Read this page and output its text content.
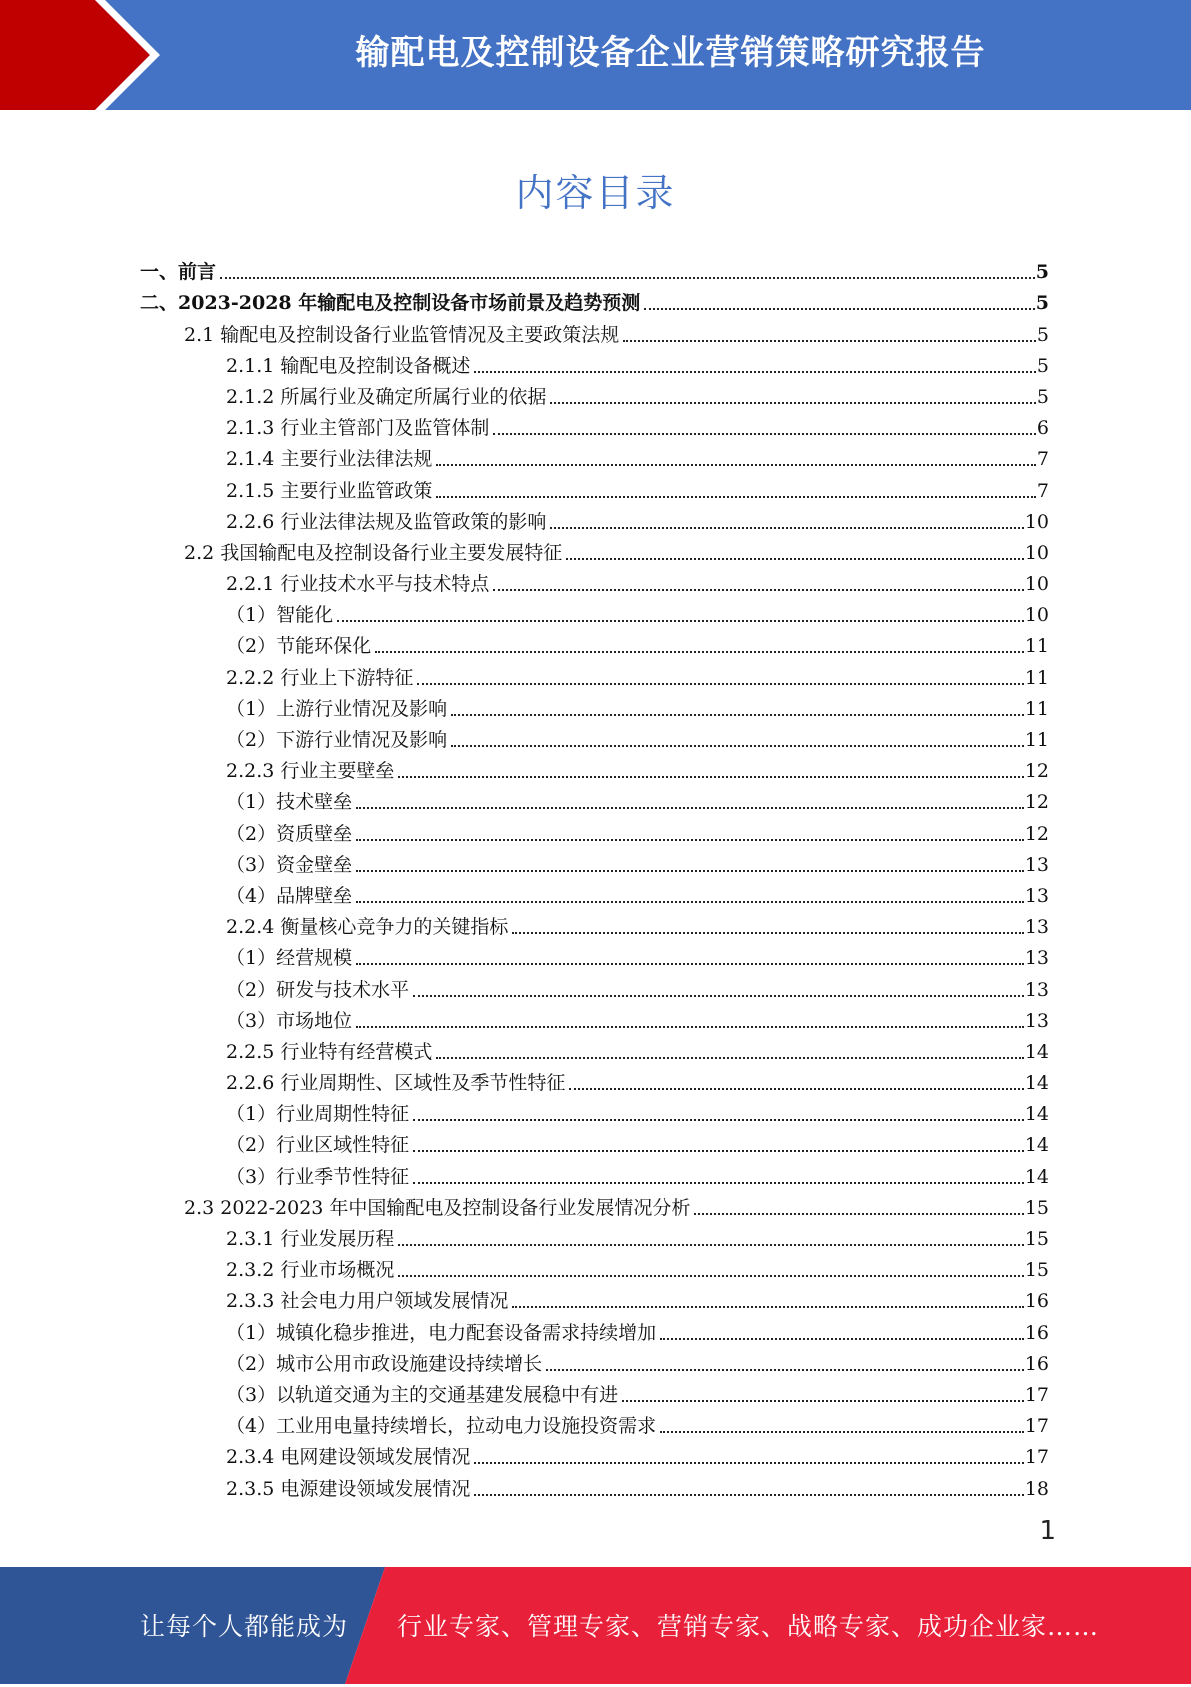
输配电及控制设备企业营销策略研究报告
内容目录
一、前言	5
二、2023-2028 年输配电及控制设备市场前景及趋势预测	5
2.1 输配电及控制设备行业监管情况及主要政策法规	5
2.1.1 输配电及控制设备概述	5
2.1.2 所属行业及确定所属行业的依据	5
2.1.3 行业主管部门及监管体制	6
2.1.4 主要行业法律法规	7
2.1.5 主要行业监管政策	7
2.2.6 行业法律法规及监管政策的影响	10
2.2 我国输配电及控制设备行业主要发展特征	10
2.2.1 行业技术水平与技术特点	10
（1）智能化	10
（2）节能环保化	11
2.2.2 行业上下游特征	11
（1）上游行业情况及影响	11
（2）下游行业情况及影响	11
2.2.3 行业主要壁垒	12
（1）技术壁垒	12
（2）资质壁垒	12
（3）资金壁垒	13
（4）品牌壁垒	13
2.2.4 衡量核心竞争力的关键指标	13
（1）经营规模	13
（2）研发与技术水平	13
（3）市场地位	13
2.2.5 行业特有经营模式	14
2.2.6 行业周期性、区域性及季节性特征	14
（1）行业周期性特征	14
（2）行业区域性特征	14
（3）行业季节性特征	14
2.3 2022-2023 年中国输配电及控制设备行业发展情况分析	15
2.3.1 行业发展历程	15
2.3.2 行业市场概况	15
2.3.3 社会电力用户领域发展情况	16
（1）城镇化稳步推进，电力配套设备需求持续增加	16
（2）城市公用市政设施建设持续增长	16
（3）以轨道交通为主的交通基建发展稳中有进	17
（4）工业用电量持续增长，拉动电力设施投资需求	17
2.3.4 电网建设领域发展情况	17
2.3.5 电源建设领域发展情况	18
1
让每个人都能成为 行业专家、管理专家、营销专家、战略专家、成功企业家……
